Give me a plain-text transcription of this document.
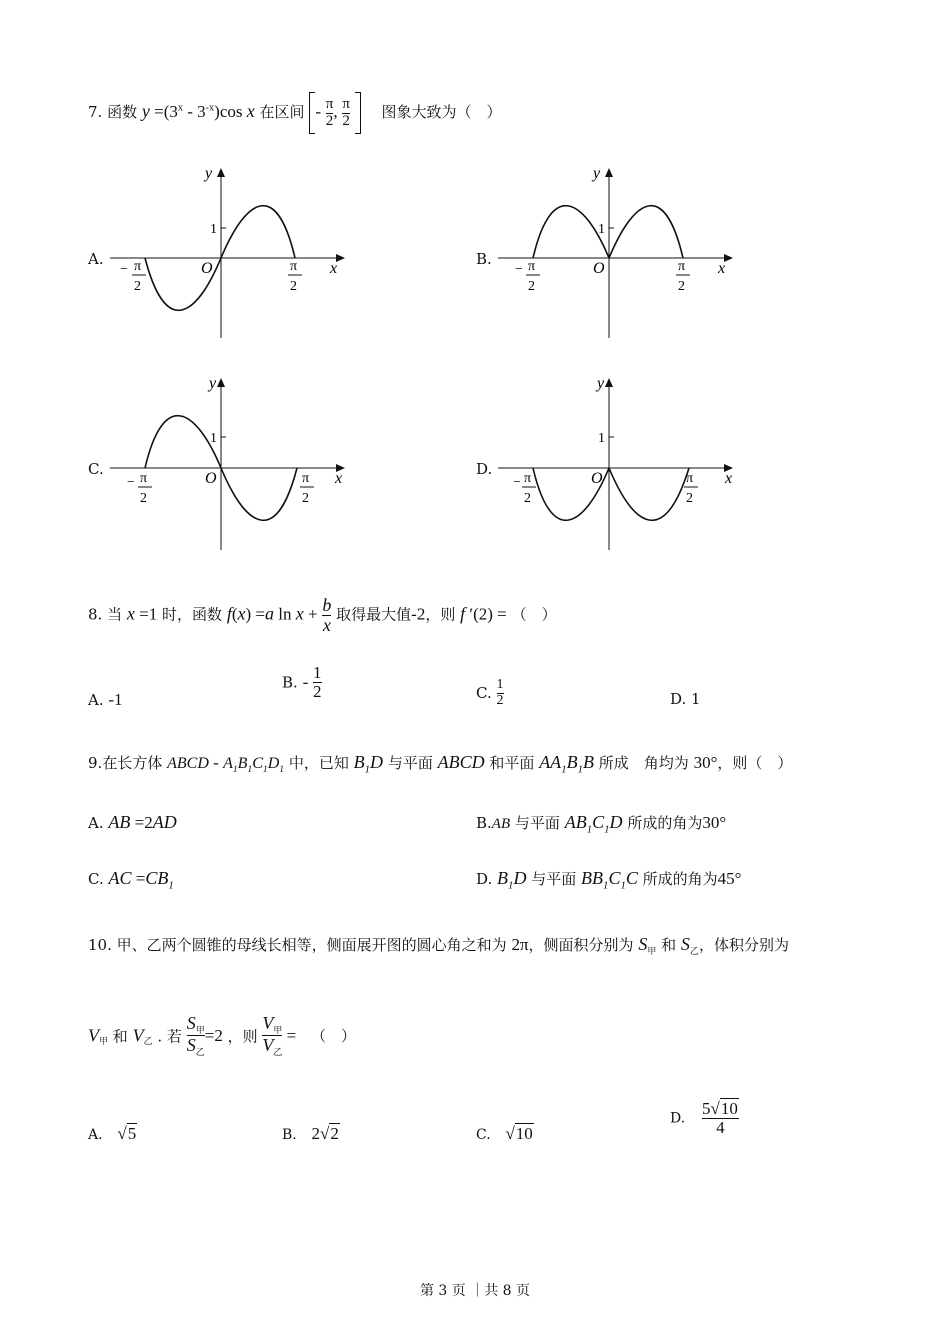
7. 函数 $y =(3^x - 3^{-x})\cos$ x 在区间 - $\frac{\pi}{2}$ , $\frac{\pi}{2}$ 图象大致为（　）
A.
y
x
O
1
− π
2
π
2
B.
y
x
O
1
− π
2
π
2
C.
y
x
O
1
− π
2
π
2
D.
y
x
O
1
− π
2
π
2
8. 当 x =1 时，函数 f(x) =a $\ln x + \frac{b}{x}$ 取得最大值-2，则 f ′(2) = （　）
A. -1
B. - $\frac{1}{2}$	C. $\frac{1}{2}$	D. 1
9.在长方体 ABCD - $A_1B_1C_1D_1$ 中，已知 $B_1D$ 与平面 ABCD 和平面 $AA_1B_1B$ 所成　角均为 30°，则（　）
A. AB =2AD	B.AB 与平面 $AB_1C_1D$ 所成的角为30°
C. AC $=CB_1$	D. $B_1D$ 与平面 $BB_1C_1C$ 所成的角为45°
10. 甲、乙两个圆锥的母线长相等，侧面展开图的圆心角之和为 2π，侧面积分别为 $S_甲$ 和 $S_乙$，体积分别为
$V_甲$ 和 $V_乙$ . 若 $\frac{S_甲}{S_乙} =2$ ，则 $\frac{V_甲}{V_乙}$ = （　）
A. √5	B. 2√2	C. √10
D. $\frac{5√10}{4}$
第 3 页 ｜共 8 页
